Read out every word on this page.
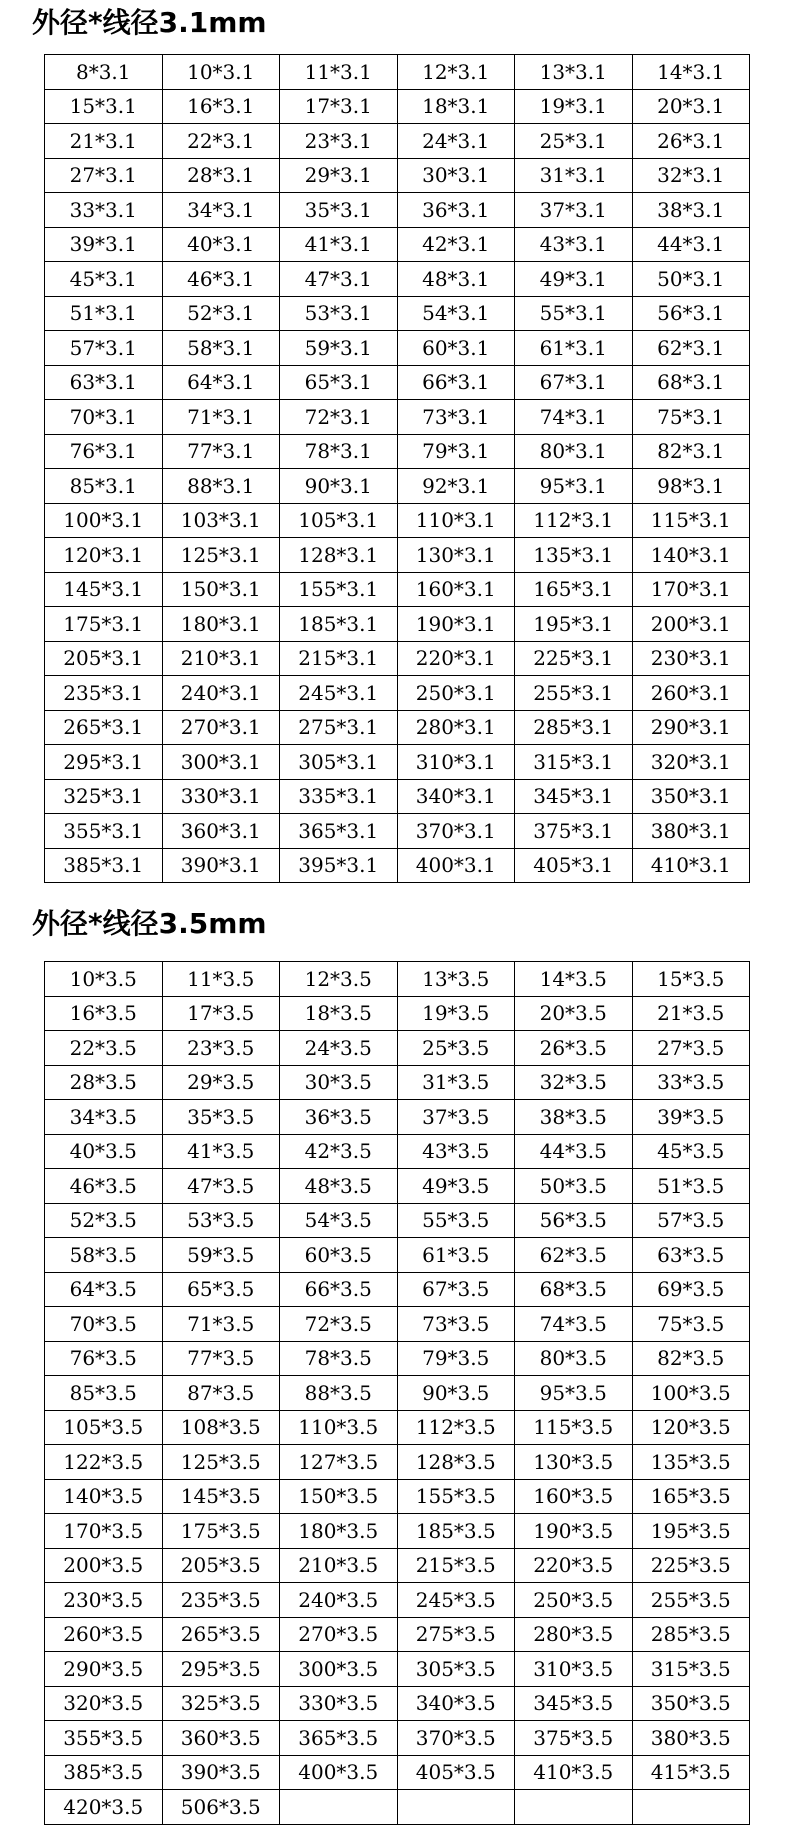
外径*线径3.1mm
8*3.1	10*3.1	11*3.1	12*3.1	13*3.1	14*3.1
15*3.1	16*3.1	17*3.1	18*3.1	19*3.1	20*3.1
21*3.1	22*3.1	23*3.1	24*3.1	25*3.1	26*3.1
27*3.1	28*3.1	29*3.1	30*3.1	31*3.1	32*3.1
33*3.1	34*3.1	35*3.1	36*3.1	37*3.1	38*3.1
39*3.1	40*3.1	41*3.1	42*3.1	43*3.1	44*3.1
45*3.1	46*3.1	47*3.1	48*3.1	49*3.1	50*3.1
51*3.1	52*3.1	53*3.1	54*3.1	55*3.1	56*3.1
57*3.1	58*3.1	59*3.1	60*3.1	61*3.1	62*3.1
63*3.1	64*3.1	65*3.1	66*3.1	67*3.1	68*3.1
70*3.1	71*3.1	72*3.1	73*3.1	74*3.1	75*3.1
76*3.1	77*3.1	78*3.1	79*3.1	80*3.1	82*3.1
85*3.1	88*3.1	90*3.1	92*3.1	95*3.1	98*3.1
100*3.1	103*3.1	105*3.1	110*3.1	112*3.1	115*3.1
120*3.1	125*3.1	128*3.1	130*3.1	135*3.1	140*3.1
145*3.1	150*3.1	155*3.1	160*3.1	165*3.1	170*3.1
175*3.1	180*3.1	185*3.1	190*3.1	195*3.1	200*3.1
205*3.1	210*3.1	215*3.1	220*3.1	225*3.1	230*3.1
235*3.1	240*3.1	245*3.1	250*3.1	255*3.1	260*3.1
265*3.1	270*3.1	275*3.1	280*3.1	285*3.1	290*3.1
295*3.1	300*3.1	305*3.1	310*3.1	315*3.1	320*3.1
325*3.1	330*3.1	335*3.1	340*3.1	345*3.1	350*3.1
355*3.1	360*3.1	365*3.1	370*3.1	375*3.1	380*3.1
385*3.1	390*3.1	395*3.1	400*3.1	405*3.1	410*3.1
外径*线径3.5mm
10*3.5	11*3.5	12*3.5	13*3.5	14*3.5	15*3.5
16*3.5	17*3.5	18*3.5	19*3.5	20*3.5	21*3.5
22*3.5	23*3.5	24*3.5	25*3.5	26*3.5	27*3.5
28*3.5	29*3.5	30*3.5	31*3.5	32*3.5	33*3.5
34*3.5	35*3.5	36*3.5	37*3.5	38*3.5	39*3.5
40*3.5	41*3.5	42*3.5	43*3.5	44*3.5	45*3.5
46*3.5	47*3.5	48*3.5	49*3.5	50*3.5	51*3.5
52*3.5	53*3.5	54*3.5	55*3.5	56*3.5	57*3.5
58*3.5	59*3.5	60*3.5	61*3.5	62*3.5	63*3.5
64*3.5	65*3.5	66*3.5	67*3.5	68*3.5	69*3.5
70*3.5	71*3.5	72*3.5	73*3.5	74*3.5	75*3.5
76*3.5	77*3.5	78*3.5	79*3.5	80*3.5	82*3.5
85*3.5	87*3.5	88*3.5	90*3.5	95*3.5	100*3.5
105*3.5	108*3.5	110*3.5	112*3.5	115*3.5	120*3.5
122*3.5	125*3.5	127*3.5	128*3.5	130*3.5	135*3.5
140*3.5	145*3.5	150*3.5	155*3.5	160*3.5	165*3.5
170*3.5	175*3.5	180*3.5	185*3.5	190*3.5	195*3.5
200*3.5	205*3.5	210*3.5	215*3.5	220*3.5	225*3.5
230*3.5	235*3.5	240*3.5	245*3.5	250*3.5	255*3.5
260*3.5	265*3.5	270*3.5	275*3.5	280*3.5	285*3.5
290*3.5	295*3.5	300*3.5	305*3.5	310*3.5	315*3.5
320*3.5	325*3.5	330*3.5	340*3.5	345*3.5	350*3.5
355*3.5	360*3.5	365*3.5	370*3.5	375*3.5	380*3.5
385*3.5	390*3.5	400*3.5	405*3.5	410*3.5	415*3.5
420*3.5	506*3.5				
